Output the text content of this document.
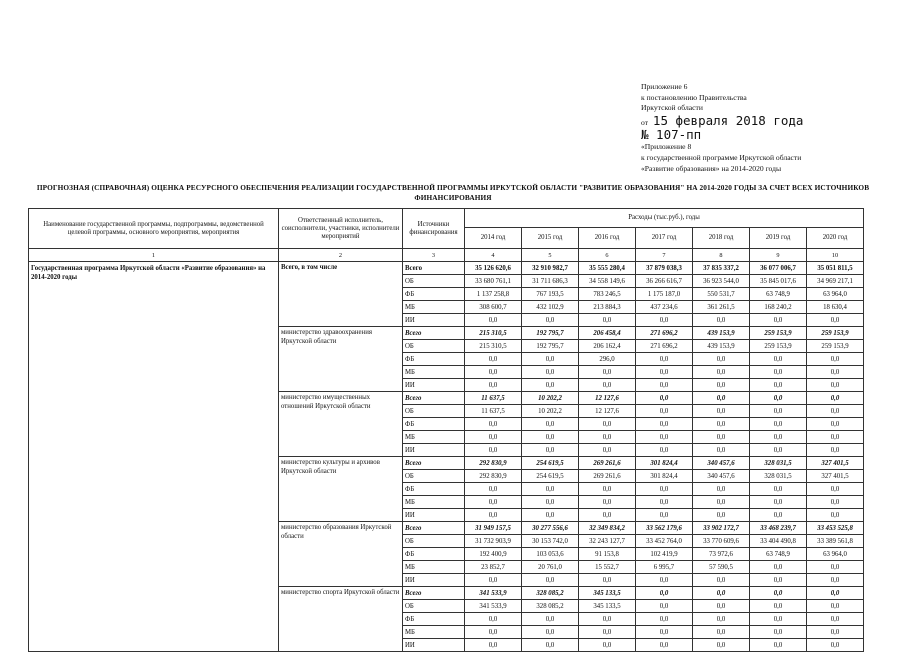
Приложение 6
к постановлению Правительства
Иркутской области
от 15 февраля 2018 года
№ 107-пп
«Приложение 8
к государственной программе Иркутской области
«Развитие образования» на 2014-2020 годы
ПРОГНОЗНАЯ (СПРАВОЧНАЯ) ОЦЕНКА РЕСУРСНОГО ОБЕСПЕЧЕНИЯ РЕАЛИЗАЦИИ ГОСУДАРСТВЕННОЙ ПРОГРАММЫ ИРКУТСКОЙ ОБЛАСТИ "РАЗВИТИЕ ОБРАЗОВАНИЯ" НА 2014-2020 ГОДЫ ЗА СЧЕТ ВСЕХ ИСТОЧНИКОВ ФИНАНСИРОВАНИЯ
Наименование государственной программы, подпрограммы, ведомственной целевой программы, основного мероприятия, мероприятия	Ответственный исполнитель, соисполнители, участники, исполнители мероприятий	Источники финансирования	Расходы (тыс.руб.), годы						
			2014 год	2015 год	2016 год	2017 год	2018 год	2019 год	2020 год
1	2	3	4	5	6	7	8	9	10
Государственная программа Иркутской области «Развитие образования» на 2014-2020 годы	Всего, в том числе	Всего	35 126 620,6	32 910 982,7	35 555 280,4	37 879 038,3	37 835 337,2	36 077 006,7	35 051 811,5
		ОБ	33 680 761,1	31 711 686,3	34 558 149,6	36 266 616,7	36 923 544,0	35 845 017,6	34 969 217,1
		ФБ	1 137 258,8	767 193,5	783 246,5	1 175 187,0	550 531,7	63 748,9	63 964,0
		МБ	308 600,7	432 102,9	213 884,3	437 234,6	361 261,5	168 240,2	18 630,4
		ИИ	0,0	0,0	0,0	0,0	0,0	0,0	0,0
	министерство здравоохранения Иркутской области	Всего	215 310,5	192 795,7	206 458,4	271 696,2	439 153,9	259 153,9	259 153,9
		ОБ	215 310,5	192 795,7	206 162,4	271 696,2	439 153,9	259 153,9	259 153,9
		ФБ	0,0	0,0	296,0	0,0	0,0	0,0	0,0
		МБ	0,0	0,0	0,0	0,0	0,0	0,0	0,0
		ИИ	0,0	0,0	0,0	0,0	0,0	0,0	0,0
	министерство имущественных отношений Иркутской области	Всего	11 637,5	10 202,2	12 127,6	0,0	0,0	0,0	0,0
		ОБ	11 637,5	10 202,2	12 127,6	0,0	0,0	0,0	0,0
		ФБ	0,0	0,0	0,0	0,0	0,0	0,0	0,0
		МБ	0,0	0,0	0,0	0,0	0,0	0,0	0,0
		ИИ	0,0	0,0	0,0	0,0	0,0	0,0	0,0
	министерство культуры и архивов Иркутской области	Всего	292 830,9	254 619,5	269 261,6	301 824,4	340 457,6	328 031,5	327 401,5
		ОБ	292 830,9	254 619,5	269 261,6	301 824,4	340 457,6	328 031,5	327 401,5
		ФБ	0,0	0,0	0,0	0,0	0,0	0,0	0,0
		МБ	0,0	0,0	0,0	0,0	0,0	0,0	0,0
		ИИ	0,0	0,0	0,0	0,0	0,0	0,0	0,0
	министерство образования Иркутской области	Всего	31 949 157,5	30 277 556,6	32 349 834,2	33 562 179,6	33 902 172,7	33 468 239,7	33 453 525,8
		ОБ	31 732 903,9	30 153 742,0	32 243 127,7	33 452 764,0	33 770 609,6	33 404 490,8	33 389 561,8
		ФБ	192 400,9	103 053,6	91 153,8	102 419,9	73 972,6	63 748,9	63 964,0
		МБ	23 852,7	20 761,0	15 552,7	6 995,7	57 590,5	0,0	0,0
		ИИ	0,0	0,0	0,0	0,0	0,0	0,0	0,0
	министерство спорта Иркутской области	Всего	341 533,9	328 085,2	345 133,5	0,0	0,0	0,0	0,0
		ОБ	341 533,9	328 085,2	345 133,5	0,0	0,0	0,0	0,0
		ФБ	0,0	0,0	0,0	0,0	0,0	0,0	0,0
		МБ	0,0	0,0	0,0	0,0	0,0	0,0	0,0
		ИИ	0,0	0,0	0,0	0,0	0,0	0,0	0,0
